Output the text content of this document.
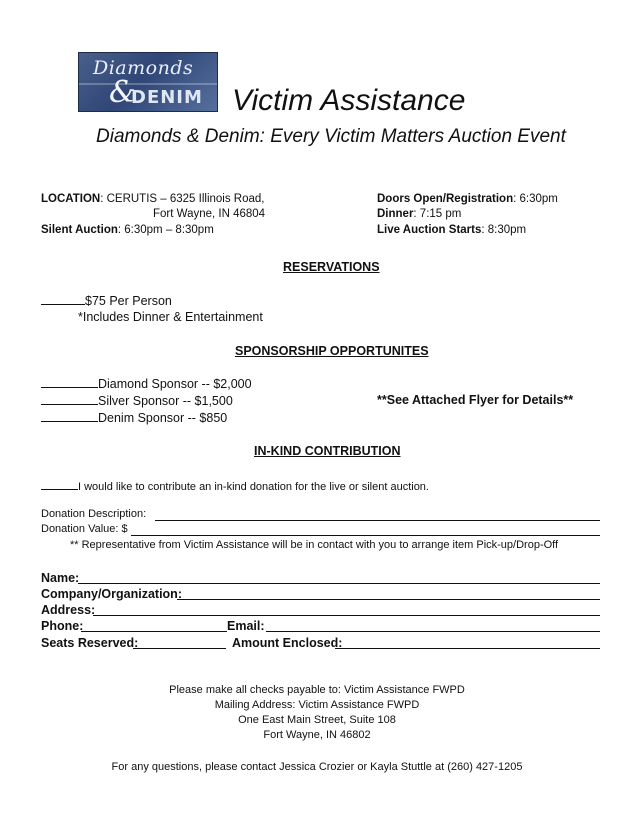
Diamonds
&
DENIM Victim Assistance
Diamonds & Denim: Every Victim Matters Auction Event
LOCATION: CERUTIS – 6325 Illinois Road,
Fort Wayne, IN 46804
Silent Auction: 6:30pm – 8:30pm
Doors Open/Registration: 6:30pm
Dinner: 7:15 pm
Live Auction Starts: 8:30pm
RESERVATIONS
$75 Per Person
*Includes Dinner & Entertainment
SPONSORSHIP OPPORTUNITES
Diamond Sponsor -- $2,000
Silver Sponsor -- $1,500
Denim Sponsor -- $850
**See Attached Flyer for Details**
IN-KIND CONTRIBUTION
I would like to contribute an in-kind donation for the live or silent auction.
Donation Description:
Donation Value: $
** Representative from Victim Assistance will be in contact with you to arrange item Pick-up/Drop-Off
Name:
Company/Organization:
Address:
Phone:	Email:
Seats Reserved:	Amount Enclosed:
Please make all checks payable to: Victim Assistance FWPD
Mailing Address: Victim Assistance FWPD
One East Main Street, Suite 108
Fort Wayne, IN 46802
For any questions, please contact Jessica Crozier or Kayla Stuttle at (260) 427-1205
